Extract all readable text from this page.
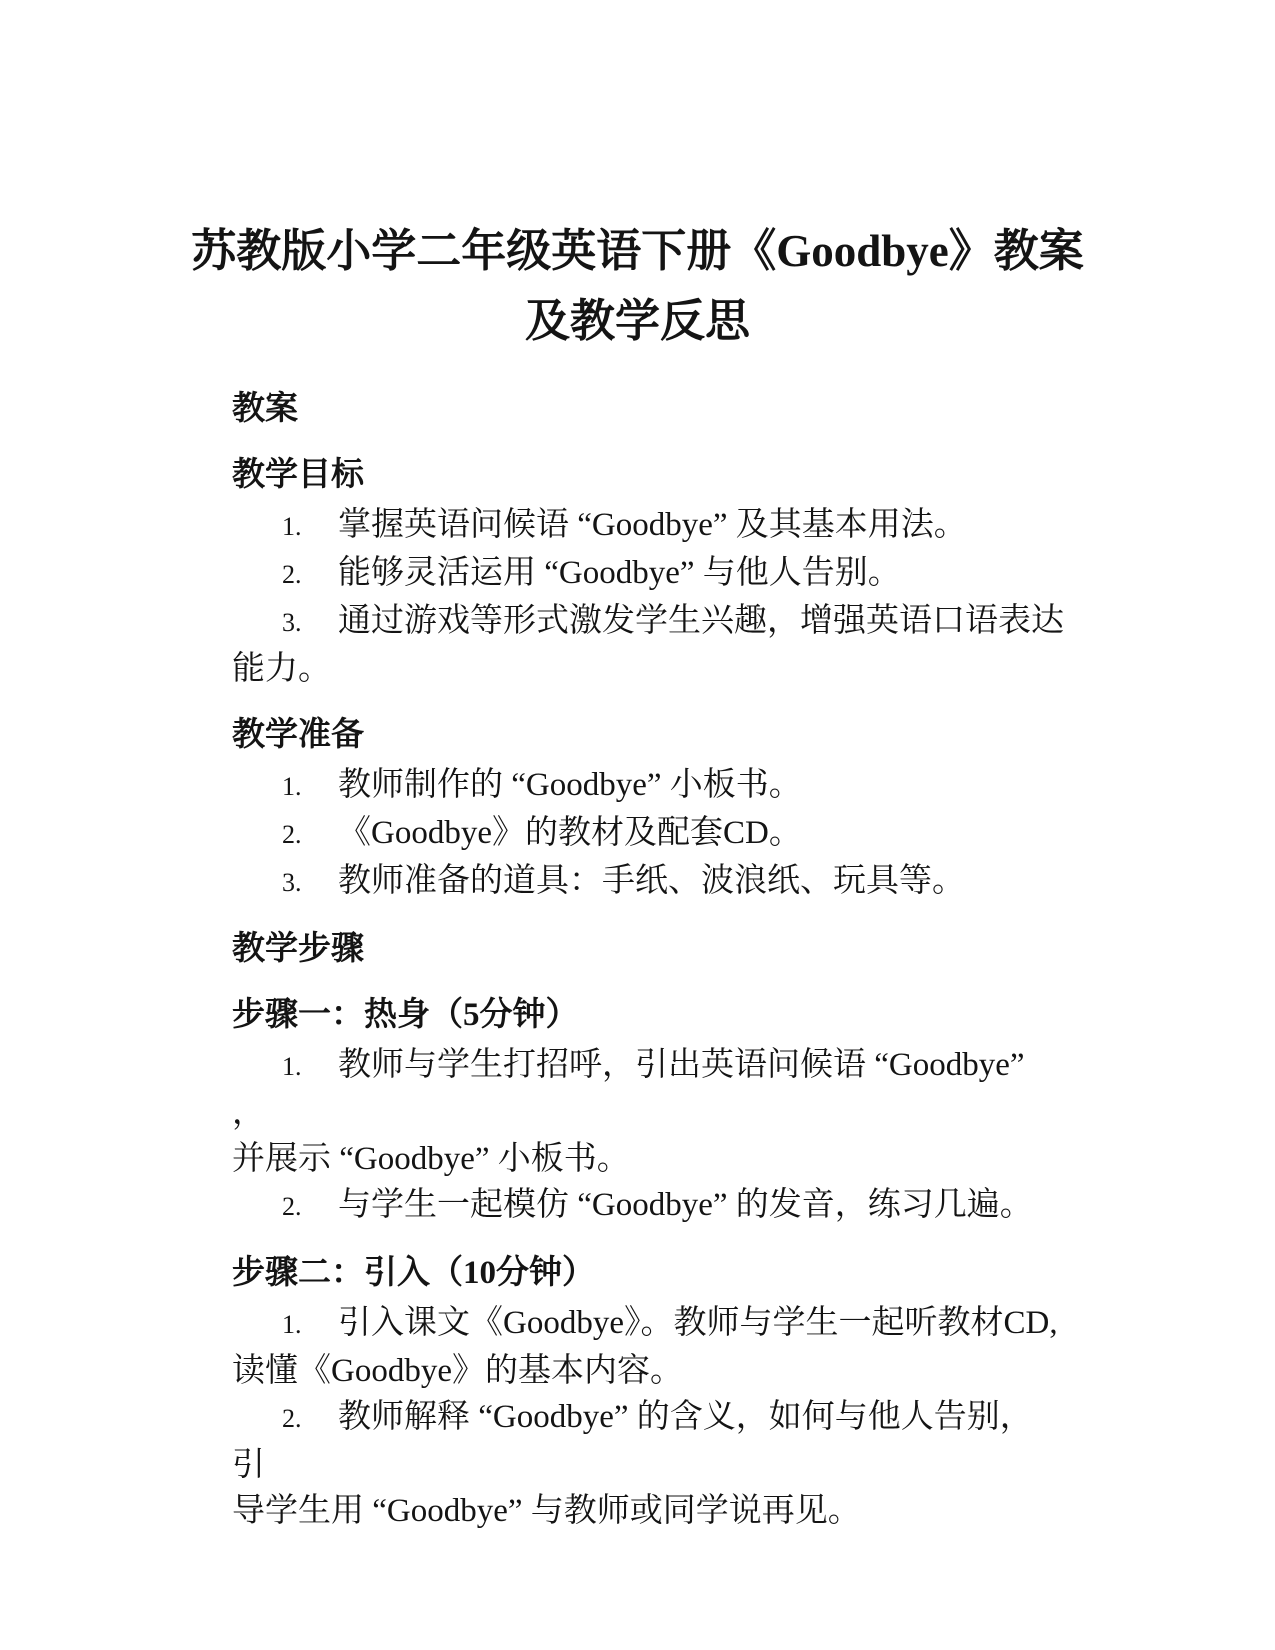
苏教版小学二年级英语下册《Goodbye》教案
及教学反思
教案
教学目标

1. 掌握英语问候语 “Goodbye” 及其基本用法。

2. 能够灵活运用 “Goodbye” 与他人告别。

3. 通过游戏等形式激发学生兴趣，增强英语口语表达
能力。

教学准备

1. 教师制作的 “Goodbye” 小板书。

2. 《Goodbye》的教材及配套CD。

3. 教师准备的道具：手纸、波浪纸、玩具等。

教学步骤
步骤一：热身（5分钟）

1. 教师与学生打招呼，引出英语问候语 “Goodbye” ，
并展示 “Goodbye” 小板书。

2. 与学生一起模仿 “Goodbye” 的发音，练习几遍。

步骤二：引入（10分钟）

1. 引入课文《Goodbye》。教师与学生一起听教材CD,
读懂《Goodbye》的基本内容。

2. 教师解释 “Goodbye” 的含义，如何与他人告别，引
导学生用 “Goodbye” 与教师或同学说再见。
